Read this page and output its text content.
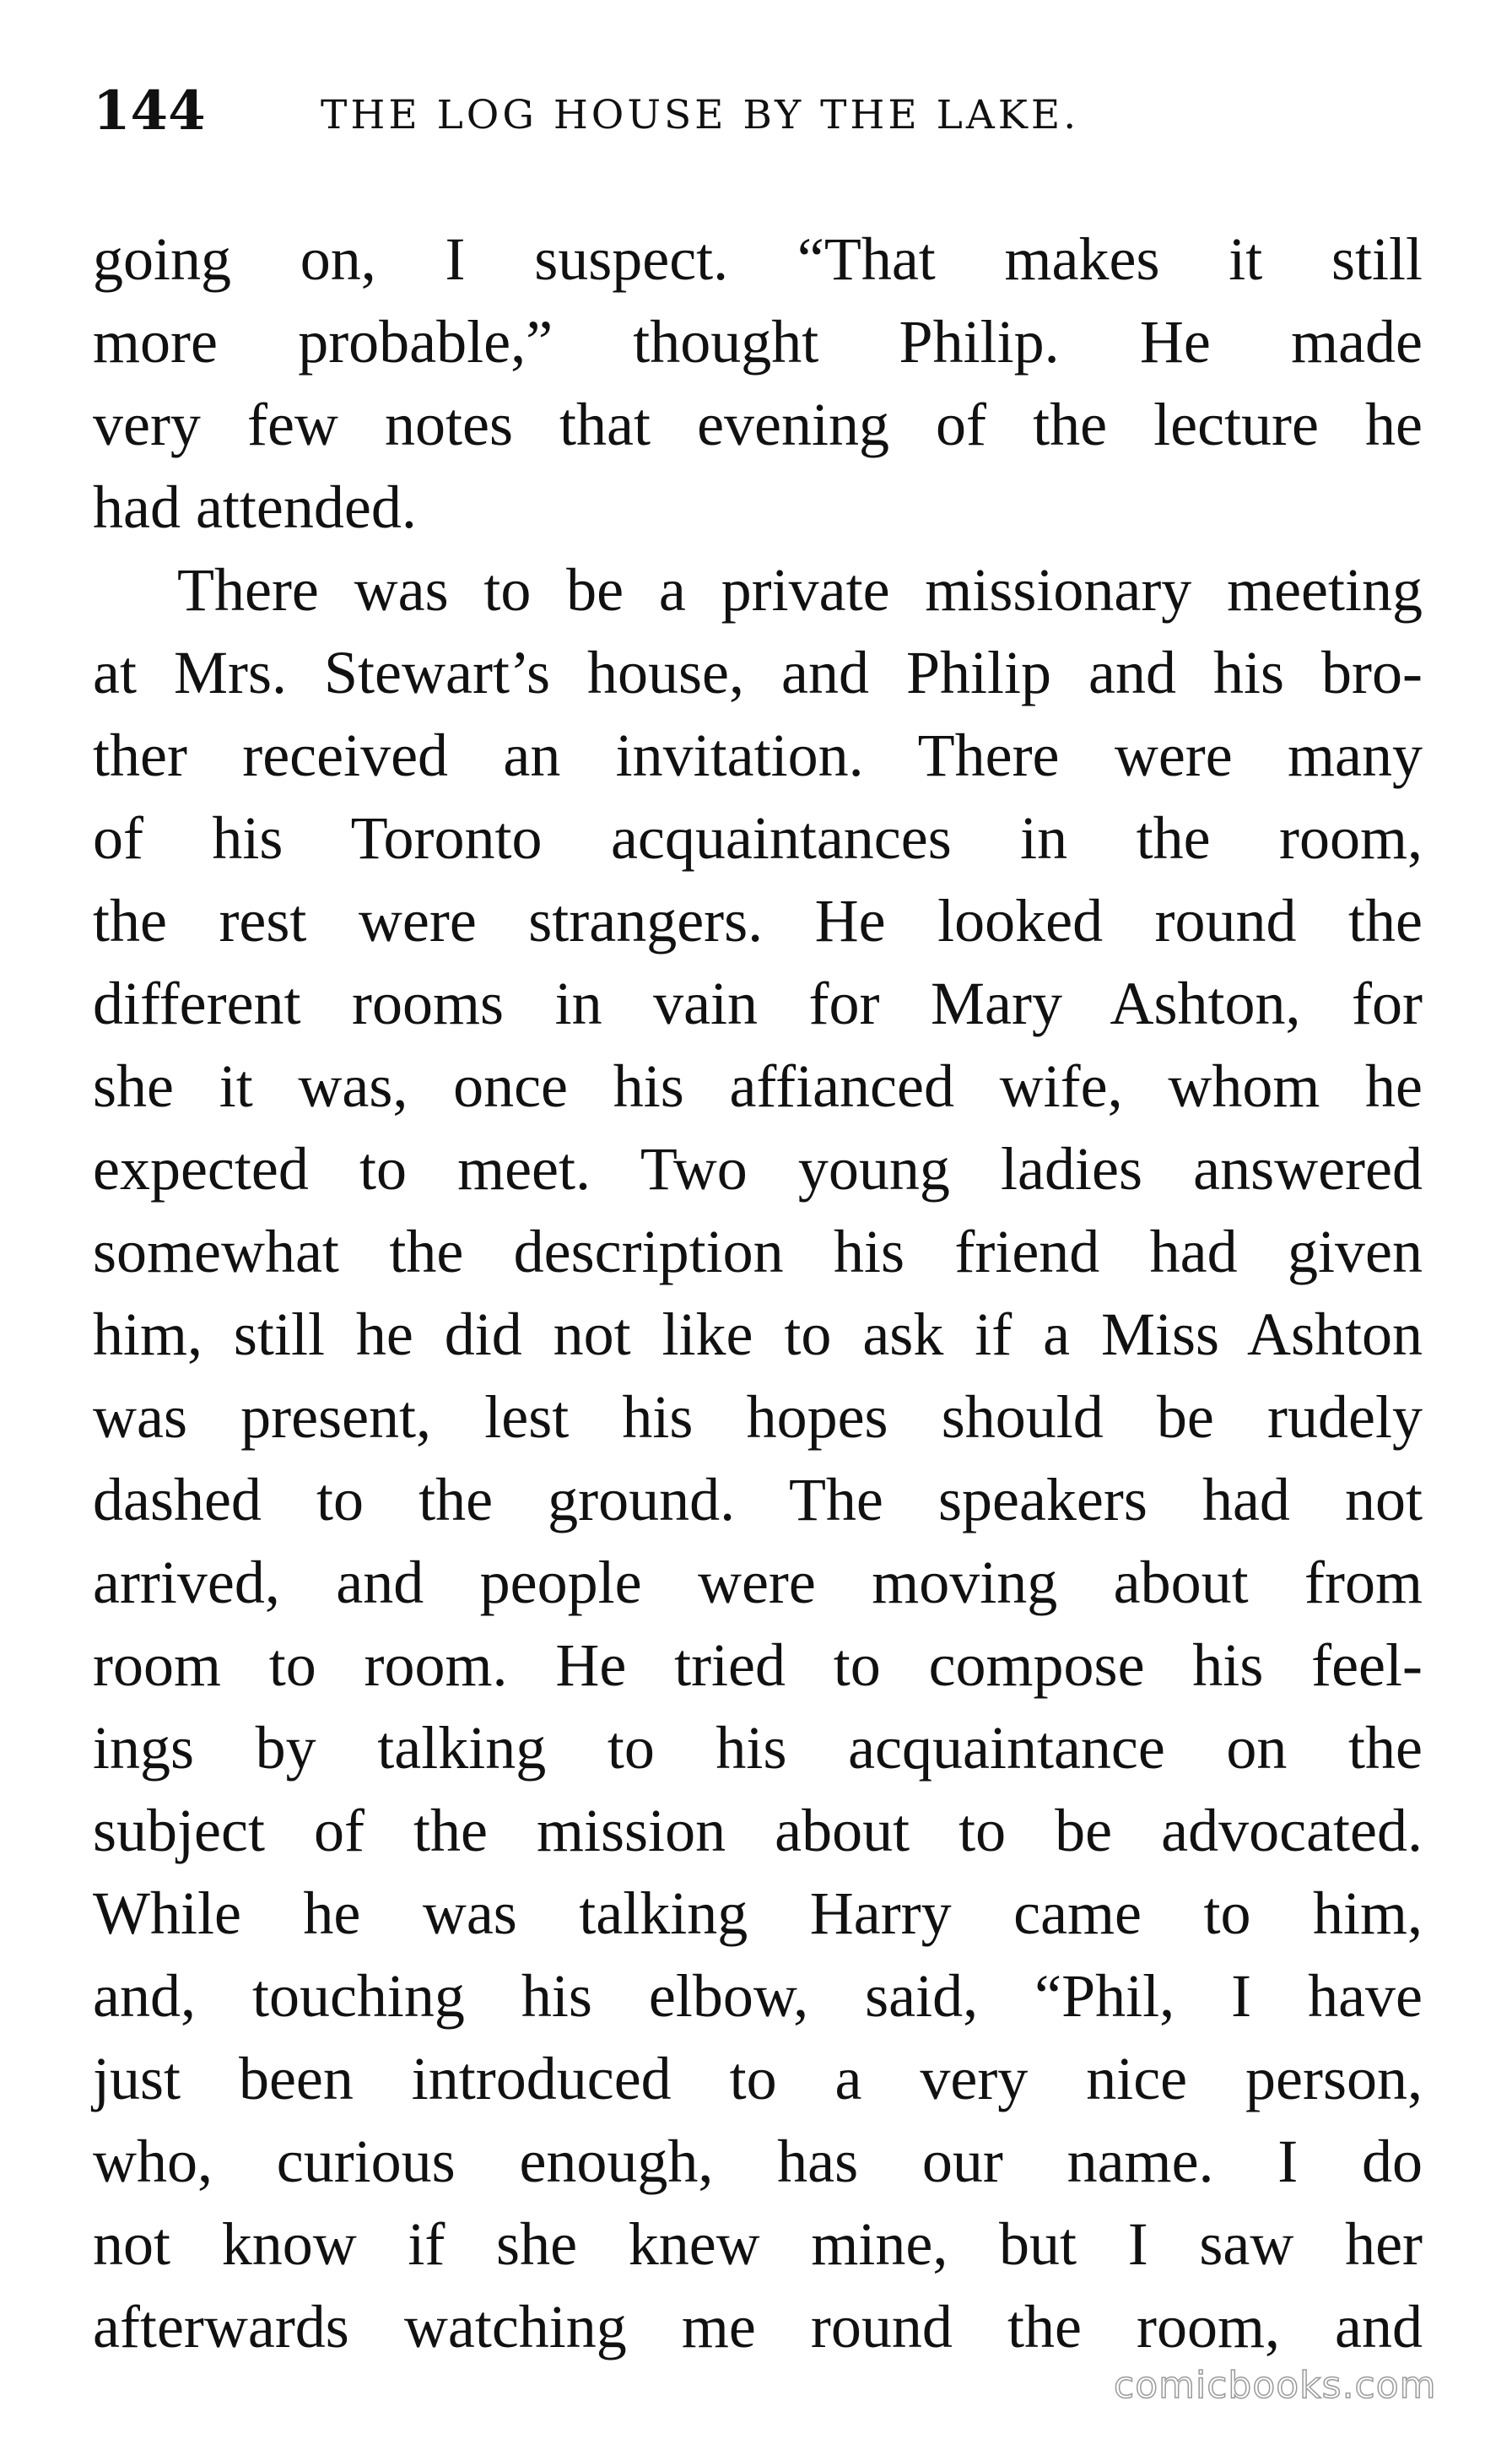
144	THE LOG HOUSE BY THE LAKE.
going on, I suspect. “That makes it still
more probable,” thought Philip. He made
very few notes that evening of the lecture he
had attended.
There was to be a private missionary meeting
at Mrs. Stewart’s house, and Philip and his bro-
ther received an invitation. There were many
of his Toronto acquaintances in the room,
the rest were strangers. He looked round the
different rooms in vain for Mary Ashton, for
she it was, once his affianced wife, whom he
expected to meet. Two young ladies answered
somewhat the description his friend had given
him, still he did not like to ask if a Miss Ashton
was present, lest his hopes should be rudely
dashed to the ground. The speakers had not
arrived, and people were moving about from
room to room. He tried to compose his feel-
ings by talking to his acquaintance on the
subject of the mission about to be advocated.
While he was talking Harry came to him,
and, touching his elbow, said, “Phil, I have
just been introduced to a very nice person,
who, curious enough, has our name. I do
not know if she knew mine, but I saw her
afterwards watching me round the room, and
comicbooks.com
